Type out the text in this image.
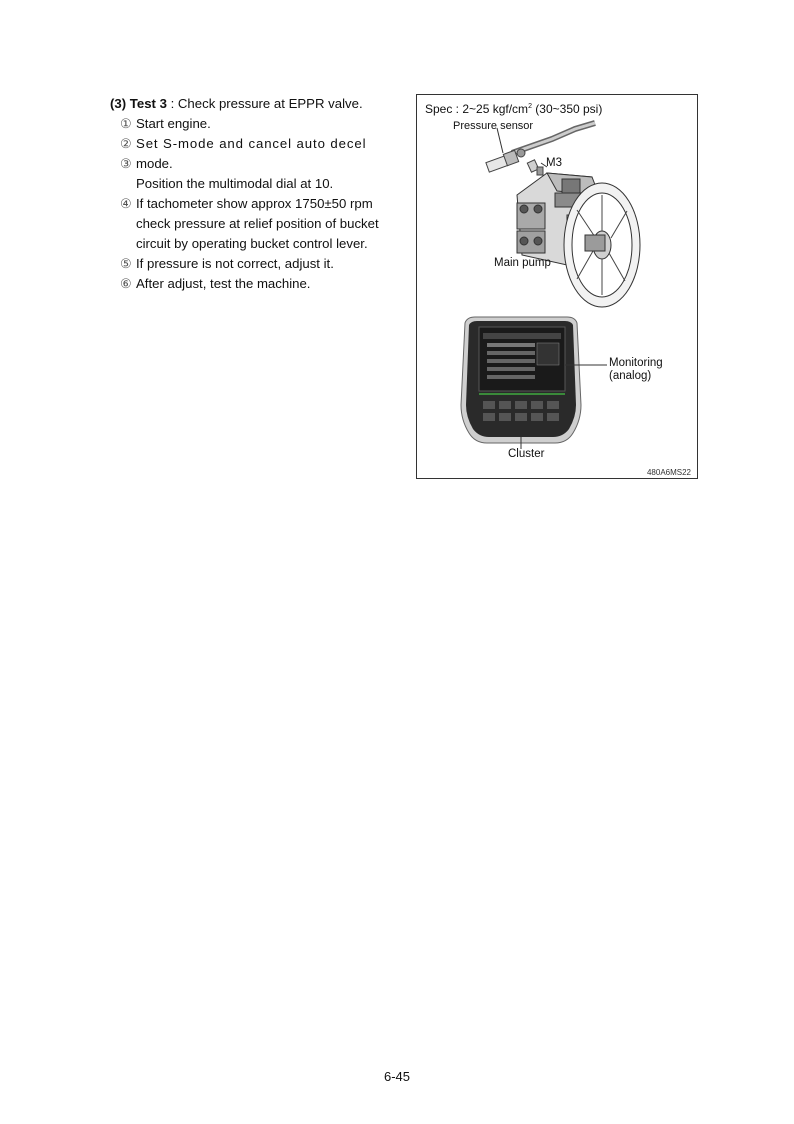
(3) Test 3 : Check pressure at EPPR valve.
① Start engine.
② Set S-mode and cancel auto decel
③ mode.
Position the multimodal dial at 10.
④ If tachometer show approx 1750±50 rpm
check pressure at relief position of bucket
circuit by operating bucket control lever.
⑤ If pressure is not correct, adjust it.
⑥ After adjust, test the machine.
Spec : 2~25 kgf/$cm^2$ (30~350 psi)
Pressure sensor
M3
Main pump
Monitoring
(analog)
Cluster
480A6MS22
6-45
